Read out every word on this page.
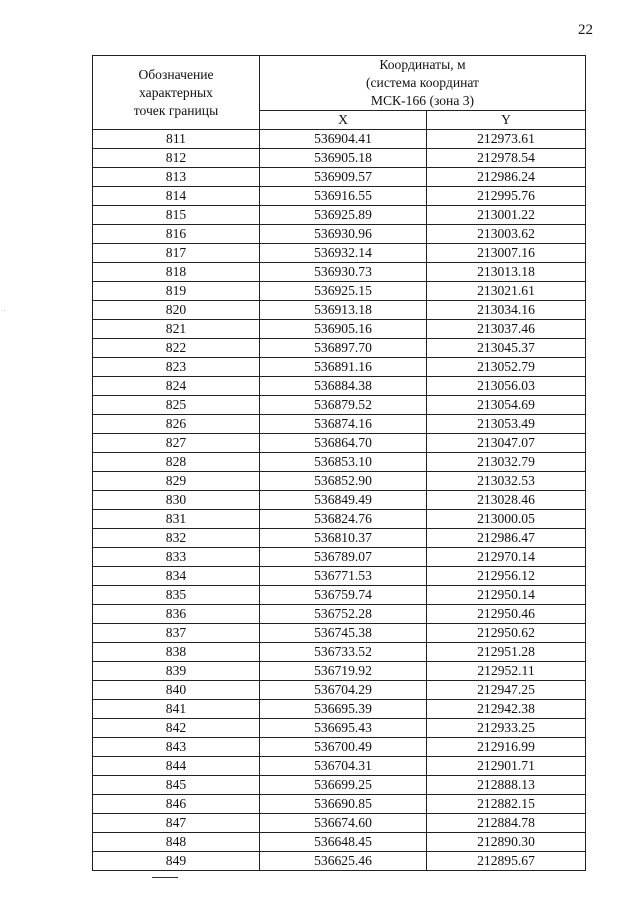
22
Обозначение
характерных
точек границы	Координаты, м
(система координат
МСК-166 (зона 3)	

	X	Y
811	536904.41	212973.61
812	536905.18	212978.54
813	536909.57	212986.24
814	536916.55	212995.76
815	536925.89	213001.22
816	536930.96	213003.62
817	536932.14	213007.16
818	536930.73	213013.18
819	536925.15	213021.61
820	536913.18	213034.16
821	536905.16	213037.46
822	536897.70	213045.37
823	536891.16	213052.79
824	536884.38	213056.03
825	536879.52	213054.69
826	536874.16	213053.49
827	536864.70	213047.07
828	536853.10	213032.79
829	536852.90	213032.53
830	536849.49	213028.46
831	536824.76	213000.05
832	536810.37	212986.47
833	536789.07	212970.14
834	536771.53	212956.12
835	536759.74	212950.14
836	536752.28	212950.46
837	536745.38	212950.62
838	536733.52	212951.28
839	536719.92	212952.11
840	536704.29	212947.25
841	536695.39	212942.38
842	536695.43	212933.25
843	536700.49	212916.99
844	536704.31	212901.71
845	536699.25	212888.13
846	536690.85	212882.15
847	536674.60	212884.78
848	536648.45	212890.30
849	536625.46	212895.67
